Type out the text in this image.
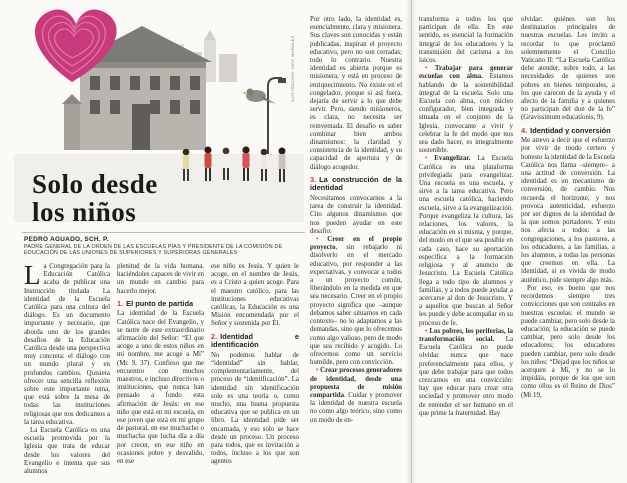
ILUSTRACIÓN: DEXI MORALES
Solo desde
los niños
PEDRO AGUADO, SCH. P.
PADRE GENERAL DE LA ORDEN DE LAS ESCUELAS PÍAS Y PRESIDENTE DE LA COMISIÓN DE EDUCACIÓN DE LAS UNIONES DE SUPERIORES Y SUPERIORAS GENERALES

La Congregación para la Educación Católica acaba de publicar una Instrucción titulada La identidad de la Escuela Católica para una cultura del diálogo. Es un documento importante y necesario, que aborda uno de los grandes desafíos de la Educación Católica desde una perspectiva muy concreta: el diálogo con un mundo plural y en profundos cambios. Quisiera ofrecer una sencilla reflexión sobre este importante tema, que está sobre la mesa de todas las instituciones religiosas que nos dedicamos a la tarea educativa.

La Escuela Católica es una escuela promovida por la Iglesia que trata de educar desde los valores del Evangelio e intenta que sus alumnos

plenitud de la vida humana, haciéndoles capaces de vivir en un mundo en cambio para hacerlo mejor.

1. El punto de partida

La identidad de la Escuela Católica nace del Evangelio, y se nutre de este extraordinario afirmación del Señor: “El que acoge a uno de estos niños en mi nombre, me acoge a Mí” (Mc 9, 37). Confieso que me encuentro con muchos maestros, e incluso directivos o instituciones, que nunca han pensado a fondo esta afirmación de Jesús: en ese niño que está en mi escuela, en ese joven que está en mi grupo de pastoral, en ese muchacho o muchacha que lucha día a día por crecer, en ese niño en ocasiones pobre y desvalido, en ese

ese niño es Jesús. Y quien le acoge, en el nombre de Jesús, es a Cristo a quien acoge. Para el maestro católico, para las instituciones educativas católicas, la Educación es una Misión encomendada por el Señor y sostenida por Él.

2. Identidad e identificación

No podemos hablar de “identidad” sin hablar, complementariamente, del proceso de “identificación”. La identidad sin identificación solo es una teoría o, como mucho, una buena propuesta educativa que se publica en un libro. La identidad pide ser encarnada, y eso solo se hace desde un proceso. Un proceso para todos, que es invitación a todos, incluso a los que son agentes

Por otro lado, la identidad es, esencialmente, clara y misionera. Sus claves son conocidas y están publicadas, inspiran el proyecto educativo, pero no son cerradas; todo lo contrario. Nuestra identidad es abierta porque es misionera, y está en proceso de enriquecimiento. No existe en el congelador, porque si así fuera, dejaría de servir a lo que debe servir. Pero, siendo misioneros, es clara, no necesita ser reinventada. El desafío es saber combinar bien ambos dinamismos: la claridad y consistencia de la identidad, y su capacidad de apertura y de diálogo acogedor.

3. La construcción de la identidad

Necesitamos convocarnos a la tarea de construir la identidad. Cito algunos dinamismos que nos pueden ayudar en este desafío:

• Creer en el propio proyecto, sin rebajarlo ni disolverlo en el mercado educativo, por responder a las expectativas, y convocar a todos a un proyecto común, liberándolo en la medida en que sea necesario. Creer en el propio proyecto significa que –aunque debamos saber situarnos en cada contexto– no lo adaptamos a las demandas, sino que lo ofrecemos como algo valioso, pero de modo que sea recibido y acogido. Lo ofrecemos como un servicio humilde, pero con convicción.

• Crear procesos generadores de identidad, desde una propuesta de misión compartida. Cuidar y promover la identidad de nuestra escuela no como algo teórico, sino como un modo de en-

transforma a todos los que participan de ella. En este sentido, es esencial la formación integral de los educadores y la transmisión del carisma a los laicos.

• Trabajar para generar escuelas con alma. Estamos hablando de la sostenibilidad integral de la escuela. Solo una Escuela con alma, con núcleo configurador, bien integrada y situada en el conjunto de la Iglesia, convocante a vivir y celebrar la fe del modo que nos sea dado hacer, es integralmente sostenible.

• Evangelizar. La Escuela Católica es una plataforma privilegiada para evangelizar. Una escuela es una escuela, y sirve a la tarea educativa. Pero una escuela católica, haciendo escuela, sirve a la evangelización. Porque evangeliza la cultura, las relaciones, los valores, la educación en sí misma, y porque, del modo en el que sea posible en cada caso, hace su aportación específica a la formación religiosa y al anuncio de Jesucristo. La Escuela Católica llega a todo tipo de alumnos y familias, y a todos puede ayudar a acercarse al don de Jesucristo. Y a aquellos que buscan al Señor les puede y debe acompañar en su proceso de fe.

• Los pobres, los periferias, la transformación social. La Escuela Católica no puede olvidar nunca que nace preferencialmente para ellos, y que debe trabajar para que todos crezcamos en una convicción: hay que educar para crear otra sociedad y promover otro modo de entender el ser humano en el que prime la fraternidad. Hay

olvidar: quiénes son los destinatarios principales de nuestras escuelas. Les invito a recordar lo que proclamó solemnemente el Concilio Vaticano II: “La Escuela Católica debe atender, sobre todo, a las necesidades de quienes son pobres en bienes temporales, a los que carecen de la ayuda y el afecto de la familia y a quienes no participan del don de la fe” (Gravissimum educationis, 9).

4. Identidad y conversión

Me atrevo a decir que el esfuerzo por vivir de modo certero y honesto la identidad de la Escuela Católica nos llama –siempre– a una actitud de conversión. La identidad es un mecanismo de conversión, de cambio. Nos recuerda el horizonte, y nos provoca autenticidad, esfuerzo por ser dignos de la identidad de la que somos portadores. Y esto nos afecta a todos: a las congregaciones, a los pastores, a los educadores, a las familias, a los alumnos, a todas las personas que creemos en ella. La identidad, si es vivida de modo auténtico, pide siempre algo más.

Por eso, es bueno que nos recordemos siempre tres convicciones que son centrales en nuestras escuelas: el mundo se puede cambiar, pero solo desde la educación; la educación se puede cambiar, pero solo desde los educadores; los educadores pueden cambiar, pero solo desde los niños: “Dejad que los niños se acerquen a Mí, y no se lo impidáis, porque de los que son como ellos es el Reino de Dios” (Mt 19,
